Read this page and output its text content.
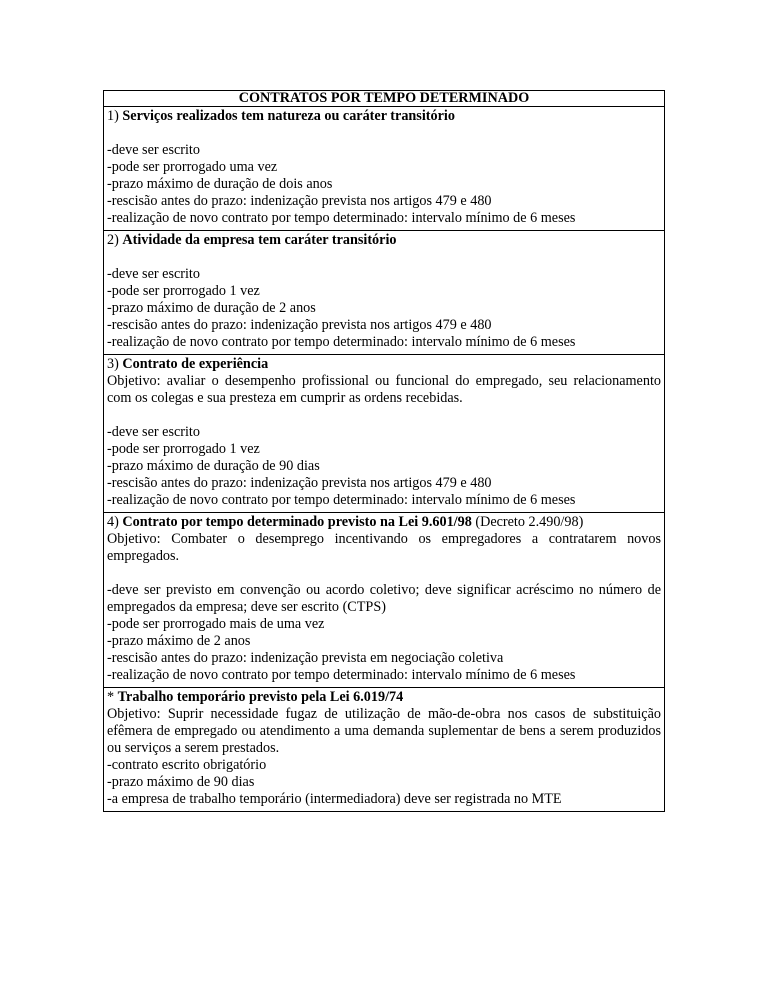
CONTRATOS POR TEMPO DETERMINADO

1) Serviços realizados tem natureza ou caráter transitório
-deve ser escrito
-pode ser prorrogado uma vez
-prazo máximo de duração de dois anos
-rescisão antes do prazo: indenização prevista nos artigos 479 e 480
-realização de novo contrato por tempo determinado: intervalo mínimo de 6 meses

2) Atividade da empresa tem caráter transitório
-deve ser escrito
-pode ser prorrogado 1 vez
-prazo máximo de duração de 2 anos
-rescisão antes do prazo: indenização prevista nos artigos 479 e 480
-realização de novo contrato por tempo determinado: intervalo mínimo de 6 meses

3) Contrato de experiência
Objetivo: avaliar o desempenho profissional ou funcional do empregado, seu relacionamento com os colegas e sua presteza em cumprir as ordens recebidas.
-deve ser escrito
-pode ser prorrogado 1 vez
-prazo máximo de duração de 90 dias
-rescisão antes do prazo: indenização prevista nos artigos 479 e 480
-realização de novo contrato por tempo determinado: intervalo mínimo de 6 meses

4) Contrato por tempo determinado previsto na Lei 9.601/98 (Decreto 2.490/98)
Objetivo: Combater o desemprego incentivando os empregadores a contratarem novos empregados.
-deve ser previsto em convenção ou acordo coletivo; deve significar acréscimo no número de empregados da empresa; deve ser escrito (CTPS)
-pode ser prorrogado mais de uma vez
-prazo máximo de 2 anos
-rescisão antes do prazo: indenização prevista em negociação coletiva
-realização de novo contrato por tempo determinado: intervalo mínimo de 6 meses

* Trabalho temporário previsto pela Lei 6.019/74
Objetivo: Suprir necessidade fugaz de utilização de mão-de-obra nos casos de substituição efêmera de empregado ou atendimento a uma demanda suplementar de bens a serem produzidos ou serviços a serem prestados.
-contrato escrito obrigatório
-prazo máximo de 90 dias
-a empresa de trabalho temporário (intermediadora) deve ser registrada no MTE
